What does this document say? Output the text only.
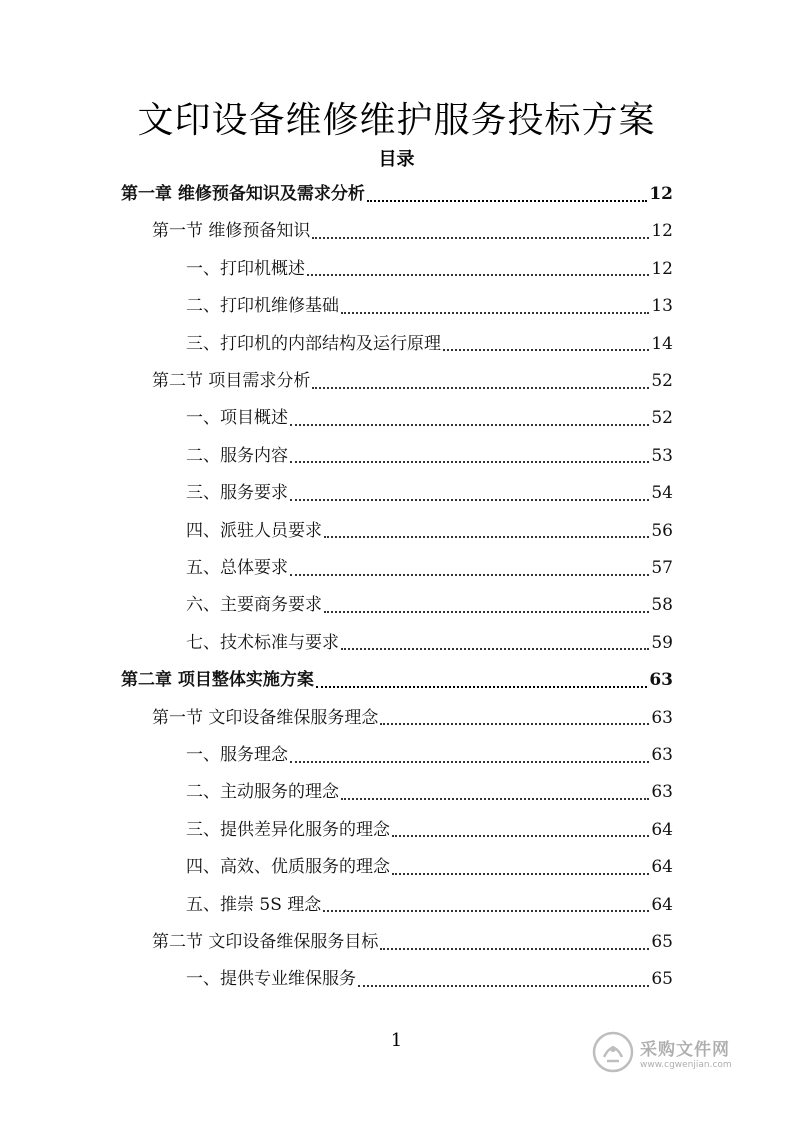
文印设备维修维护服务投标方案
目录
第一章 维修预备知识及需求分析	12
第一节 维修预备知识	12
一、打印机概述	12
二、打印机维修基础	13
三、打印机的内部结构及运行原理	14
第二节 项目需求分析	52
一、项目概述	52
二、服务内容	53
三、服务要求	54
四、派驻人员要求	56
五、总体要求	57
六、主要商务要求	58
七、技术标准与要求	59
第二章 项目整体实施方案	63
第一节 文印设备维保服务理念	63
一、服务理念	63
二、主动服务的理念	63
三、提供差异化服务的理念	64
四、高效、优质服务的理念	64
五、推崇 5S 理念	64
第二节 文印设备维保服务目标	65
一、提供专业维保服务	65
1	采购文件网
www.cgwenjian.com
